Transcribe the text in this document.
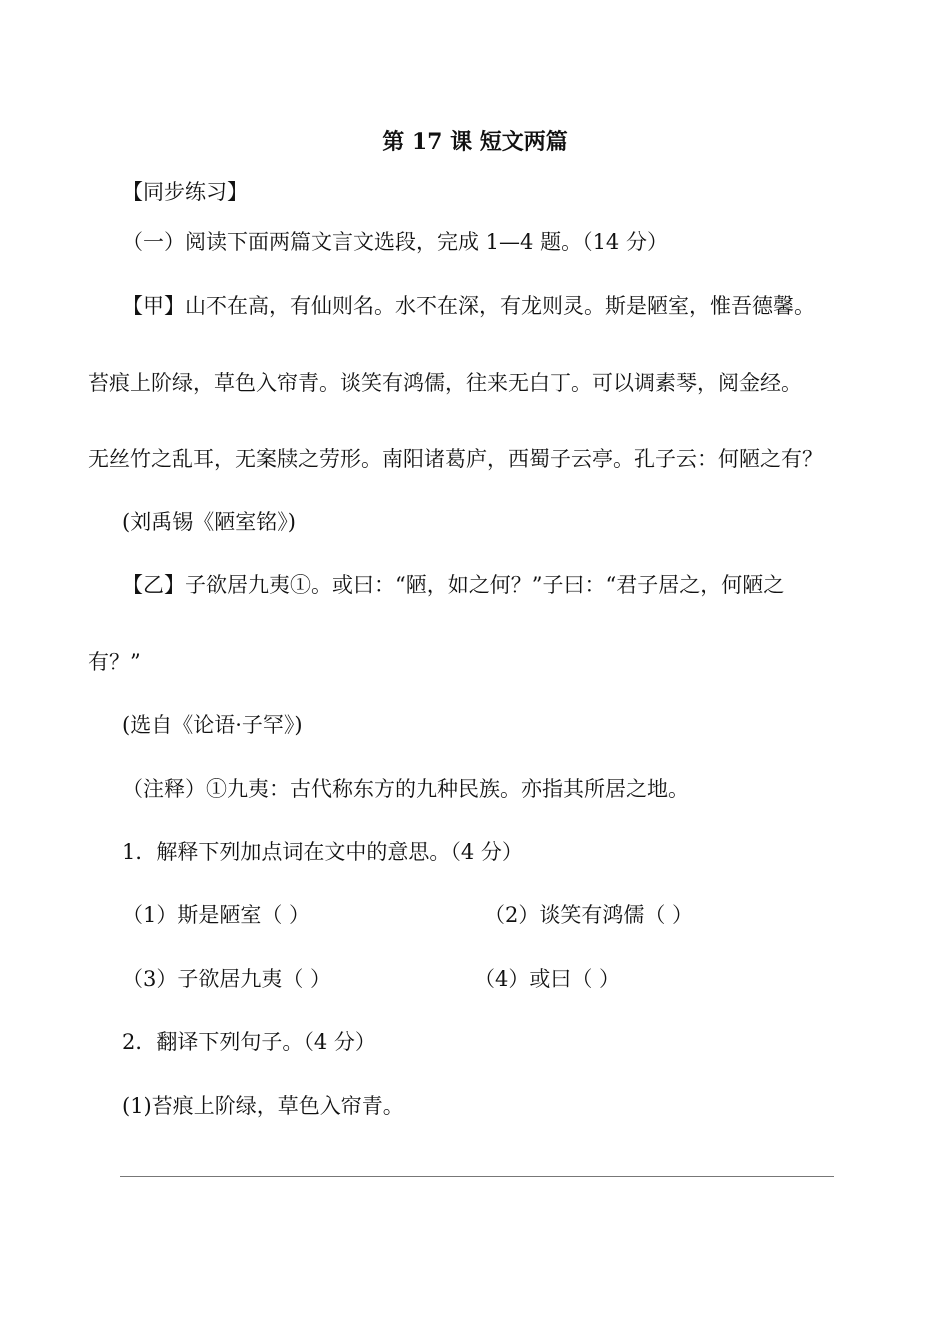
第 17 课 短文两篇
【同步练习】
（一）阅读下面两篇文言文选段，完成 1—4 题。（14 分）
【甲】山不在高，有仙则名。水不在深，有龙则灵。斯是陋室，惟吾德馨。
苔痕上阶绿，草色入帘青。谈笑有鸿儒，往来无白丁。可以调素琴，阅金经。
无丝竹之乱耳，无案牍之劳形。南阳诸葛庐，西蜀子云亭。孔子云：何陋之有？
(刘禹锡《陋室铭》)
【乙】子欲居九夷①。或曰：“陋，如之何？”子曰：“君子居之，何陋之
有？”
(选自《论语·子罕》)
（注释）①九夷：古代称东方的九种民族。亦指其所居之地。
1．解释下列加点词在文中的意思。（4 分）
（1）斯是陋室（ ）	（2）谈笑有鸿儒（ ）
（3）子欲居九夷（ ）	（4）或曰（ ）
2．翻译下列句子。（4 分）
(1)苔痕上阶绿，草色入帘青。
